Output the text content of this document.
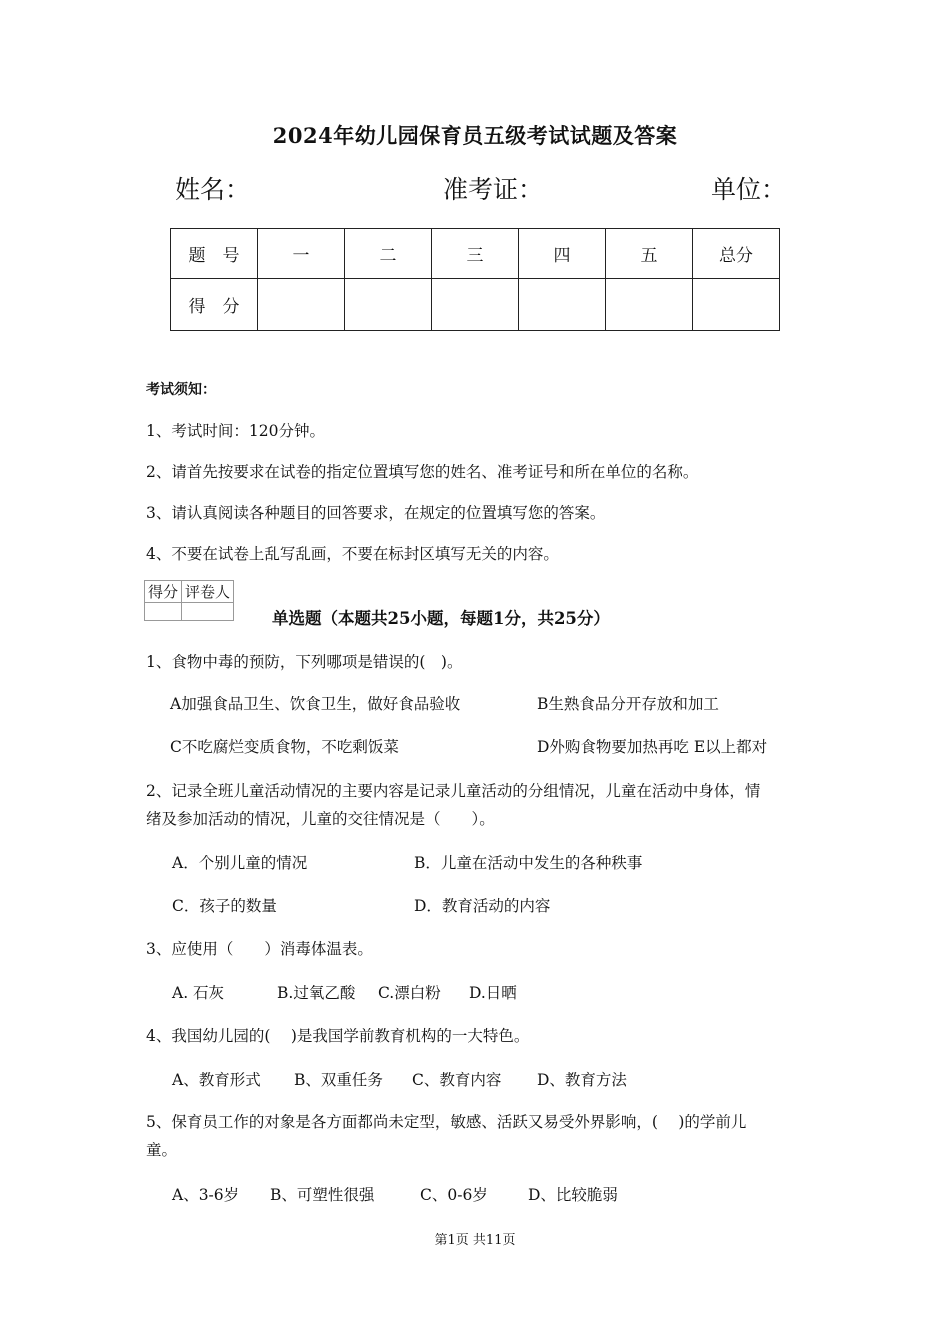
2024年幼儿园保育员五级考试试题及答案
姓名：	准考证：	单位：
题　号	一	二	三	四	五	总分
得　分						
考试须知：
1、考试时间：120分钟。
2、请首先按要求在试卷的指定位置填写您的姓名、准考证号和所在单位的名称。
3、请认真阅读各种题目的回答要求，在规定的位置填写您的答案。
4、不要在试卷上乱写乱画，不要在标封区填写无关的内容。
得分	评卷人

单选题（本题共25小题，每题1分，共25分）
1、食物中毒的预防，下列哪项是错误的(　)。
A加强食品卫生、饮食卫生，做好食品验收	B生熟食品分开存放和加工
C不吃腐烂变质食物，不吃剩饭菜	D外购食物要加热再吃 E以上都对
2、记录全班儿童活动情况的主要内容是记录儿童活动的分组情况，儿童在活动中身体，情
绪及参加活动的情况，儿童的交往情况是（　　）。
A．个别儿童的情况	B．儿童在活动中发生的各种秩事
C．孩子的数量	D．教育活动的内容
3、应使用（　　）消毒体温表。
A. 石灰	B.过氧乙酸 C.漂白粉 D.日晒
4、我国幼儿园的(　 )是我国学前教育机构的一大特色。
A、教育形式 B、双重任务 C、教育内容 D、教育方法
5、保育员工作的对象是各方面都尚未定型，敏感、活跃又易受外界影响，(　 )的学前儿
童。
A、3-6岁 B、可塑性很强	C、0-6岁	D、比较脆弱
第1页 共11页
